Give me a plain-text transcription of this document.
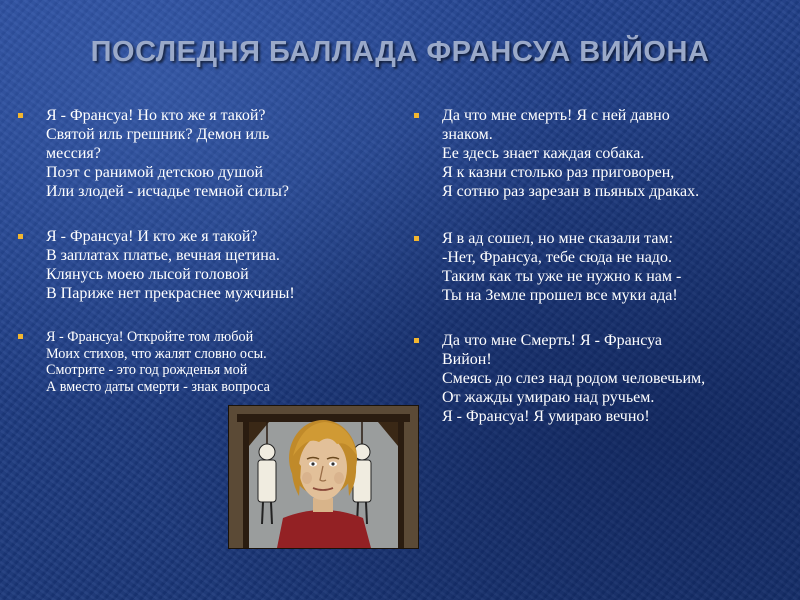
ПОСЛЕДНЯ БАЛЛАДА ФРАНСУА ВИЙОНА
Я - Франсуа! Но кто же я такой?
Святой иль грешник? Демон иль
мессия?
Поэт с ранимой детскою душой
Или злодей - исчадье темной силы?
Я - Франсуа! И кто же я такой?
В заплатах платье, вечная щетина.
Клянусь моею лысой головой
В Париже нет прекраснее мужчины!
Я - Франсуа! Откройте том любой
Моих стихов, что жалят словно осы.
Смотрите - это год рожденья мой
А вместо даты смерти - знак вопроса
Да что мне смерть! Я с ней давно
знаком.
Ее здесь знает каждая собака.
Я к казни столько раз приговорен,
Я сотню раз зарезан в пьяных драках.
Я в ад сошел, но мне сказали там:
-Нет, Франсуа, тебе сюда не надо.
Таким как ты уже не нужно к нам -
Ты на Земле прошел все муки ада!
Да что мне Смерть! Я - Франсуа
Вийон!
Смеясь до слез над родом человечьим,
От жажды умираю над ручьем.
Я - Франсуа! Я умираю вечно!
